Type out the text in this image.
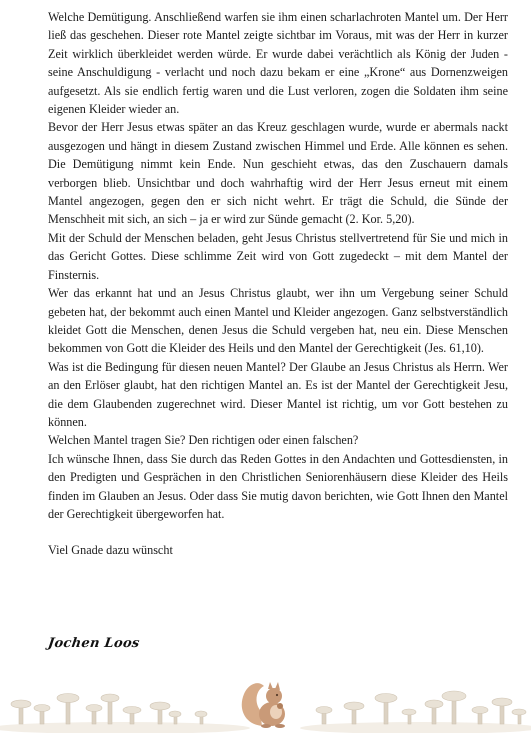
Welche Demütigung. Anschließend warfen sie ihm einen scharlachroten Mantel um. Der Herr ließ das geschehen. Dieser rote Mantel zeigte sichtbar im Voraus, mit was der Herr in kurzer Zeit wirklich überkleidet werden würde. Er wurde dabei verächtlich als König der Juden - seine Anschuldigung - verlacht und noch dazu bekam er eine „Krone“ aus Dornenzweigen aufgesetzt. Als sie endlich fertig waren und die Lust verloren, zogen die Soldaten ihm seine eigenen Kleider wieder an.

Bevor der Herr Jesus etwas später an das Kreuz geschlagen wurde, wurde er abermals nackt ausgezogen und hängt in diesem Zustand zwischen Himmel und Erde. Alle können es sehen. Die Demütigung nimmt kein Ende. Nun geschieht etwas, das den Zuschauern damals verborgen blieb. Unsichtbar und doch wahrhaftig wird der Herr Jesus erneut mit einem Mantel angezogen, gegen den er sich nicht wehrt. Er trägt die Schuld, die Sünde der Menschheit mit sich, an sich – ja er wird zur Sünde gemacht (2. Kor. 5,20).

Mit der Schuld der Menschen beladen, geht Jesus Christus stellvertretend für Sie und mich in das Gericht Gottes. Diese schlimme Zeit wird von Gott zugedeckt – mit dem Mantel der Finsternis.

Wer das erkannt hat und an Jesus Christus glaubt, wer ihn um Vergebung seiner Schuld gebeten hat, der bekommt auch einen Mantel und Kleider angezogen. Ganz selbstverständlich kleidet Gott die Menschen, denen Jesus die Schuld vergeben hat, neu ein. Diese Menschen bekommen von Gott die Kleider des Heils und den Mantel der Gerechtigkeit (Jes. 61,10).

Was ist die Bedingung für diesen neuen Mantel? Der Glaube an Jesus Christus als Herrn. Wer an den Erlöser glaubt, hat den richtigen Mantel an. Es ist der Mantel der Gerechtigkeit Jesu, die dem Glaubenden zugerechnet wird. Dieser Mantel ist richtig, um vor Gott bestehen zu können.

Welchen Mantel tragen Sie? Den richtigen oder einen falschen?

Ich wünsche Ihnen, dass Sie durch das Reden Gottes in den Andachten und Gottesdiensten, in den Predigten und Gesprächen in den Christlichen Seniorenhäusern diese Kleider des Heils finden im Glauben an Jesus. Oder dass Sie mutig davon berichten, wie Gott Ihnen den Mantel der Gerechtigkeit übergeworfen hat.

Viel Gnade dazu wünscht

Jochen Loos
